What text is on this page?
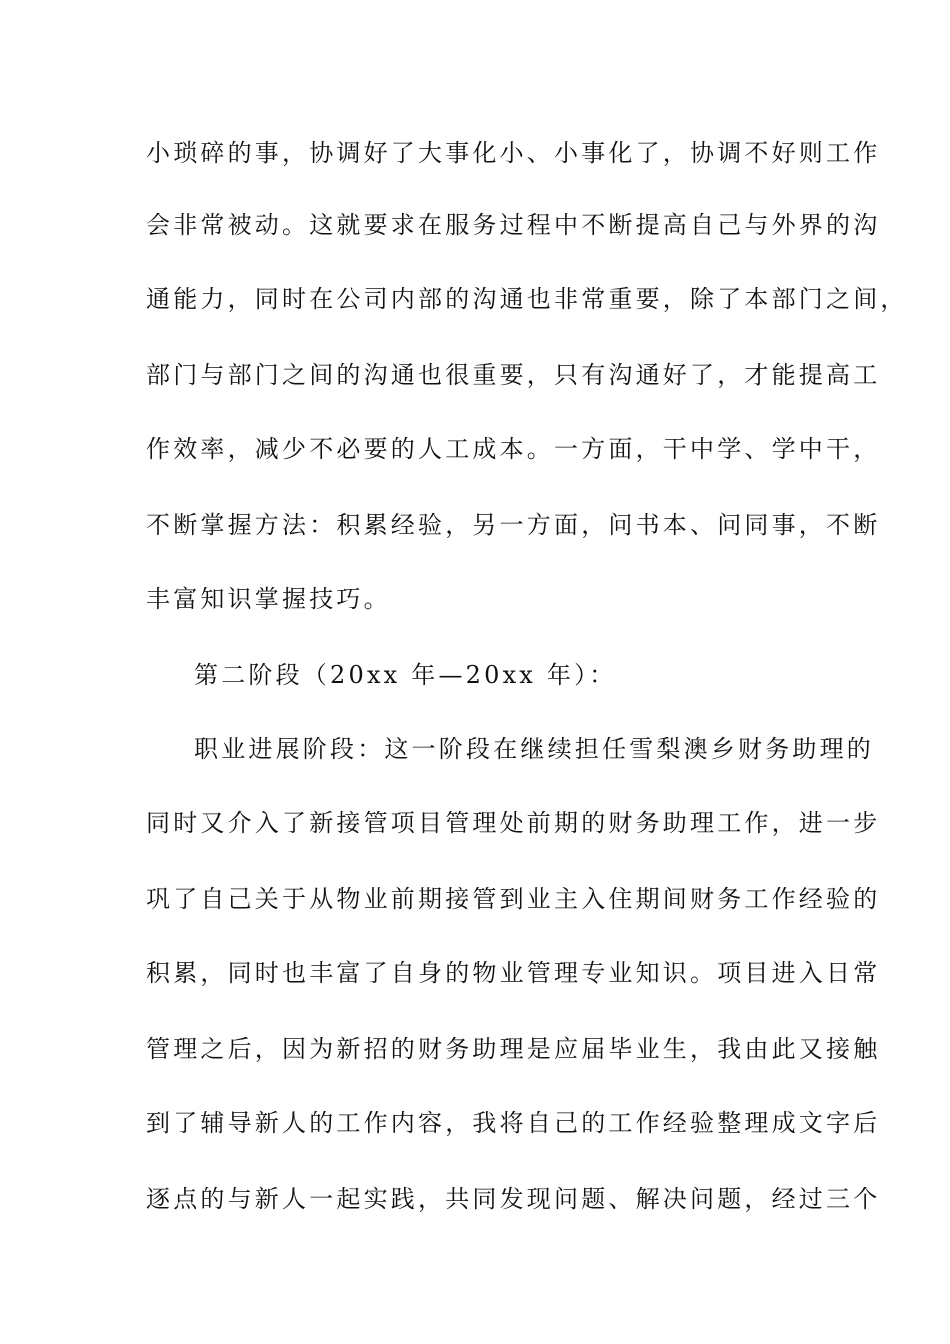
小琐碎的事，协调好了大事化小、小事化了，协调不好则工作
会非常被动。这就要求在服务过程中不断提高自己与外界的沟
通能力，同时在公司内部的沟通也非常重要，除了本部门之间，
部门与部门之间的沟通也很重要，只有沟通好了，才能提高工
作效率，减少不必要的人工成本。一方面，干中学、学中干，
不断掌握方法：积累经验，另一方面，问书本、问同事，不断
丰富知识掌握技巧。
第二阶段（20xx 年—20xx 年）：
职业进展阶段：这一阶段在继续担任雪梨澳乡财务助理的
同时又介入了新接管项目管理处前期的财务助理工作，进一步
巩了自己关于从物业前期接管到业主入住期间财务工作经验的
积累，同时也丰富了自身的物业管理专业知识。项目进入日常
管理之后，因为新招的财务助理是应届毕业生，我由此又接触
到了辅导新人的工作内容，我将自己的工作经验整理成文字后
逐点的与新人一起实践，共同发现问题、解决问题，经过三个
